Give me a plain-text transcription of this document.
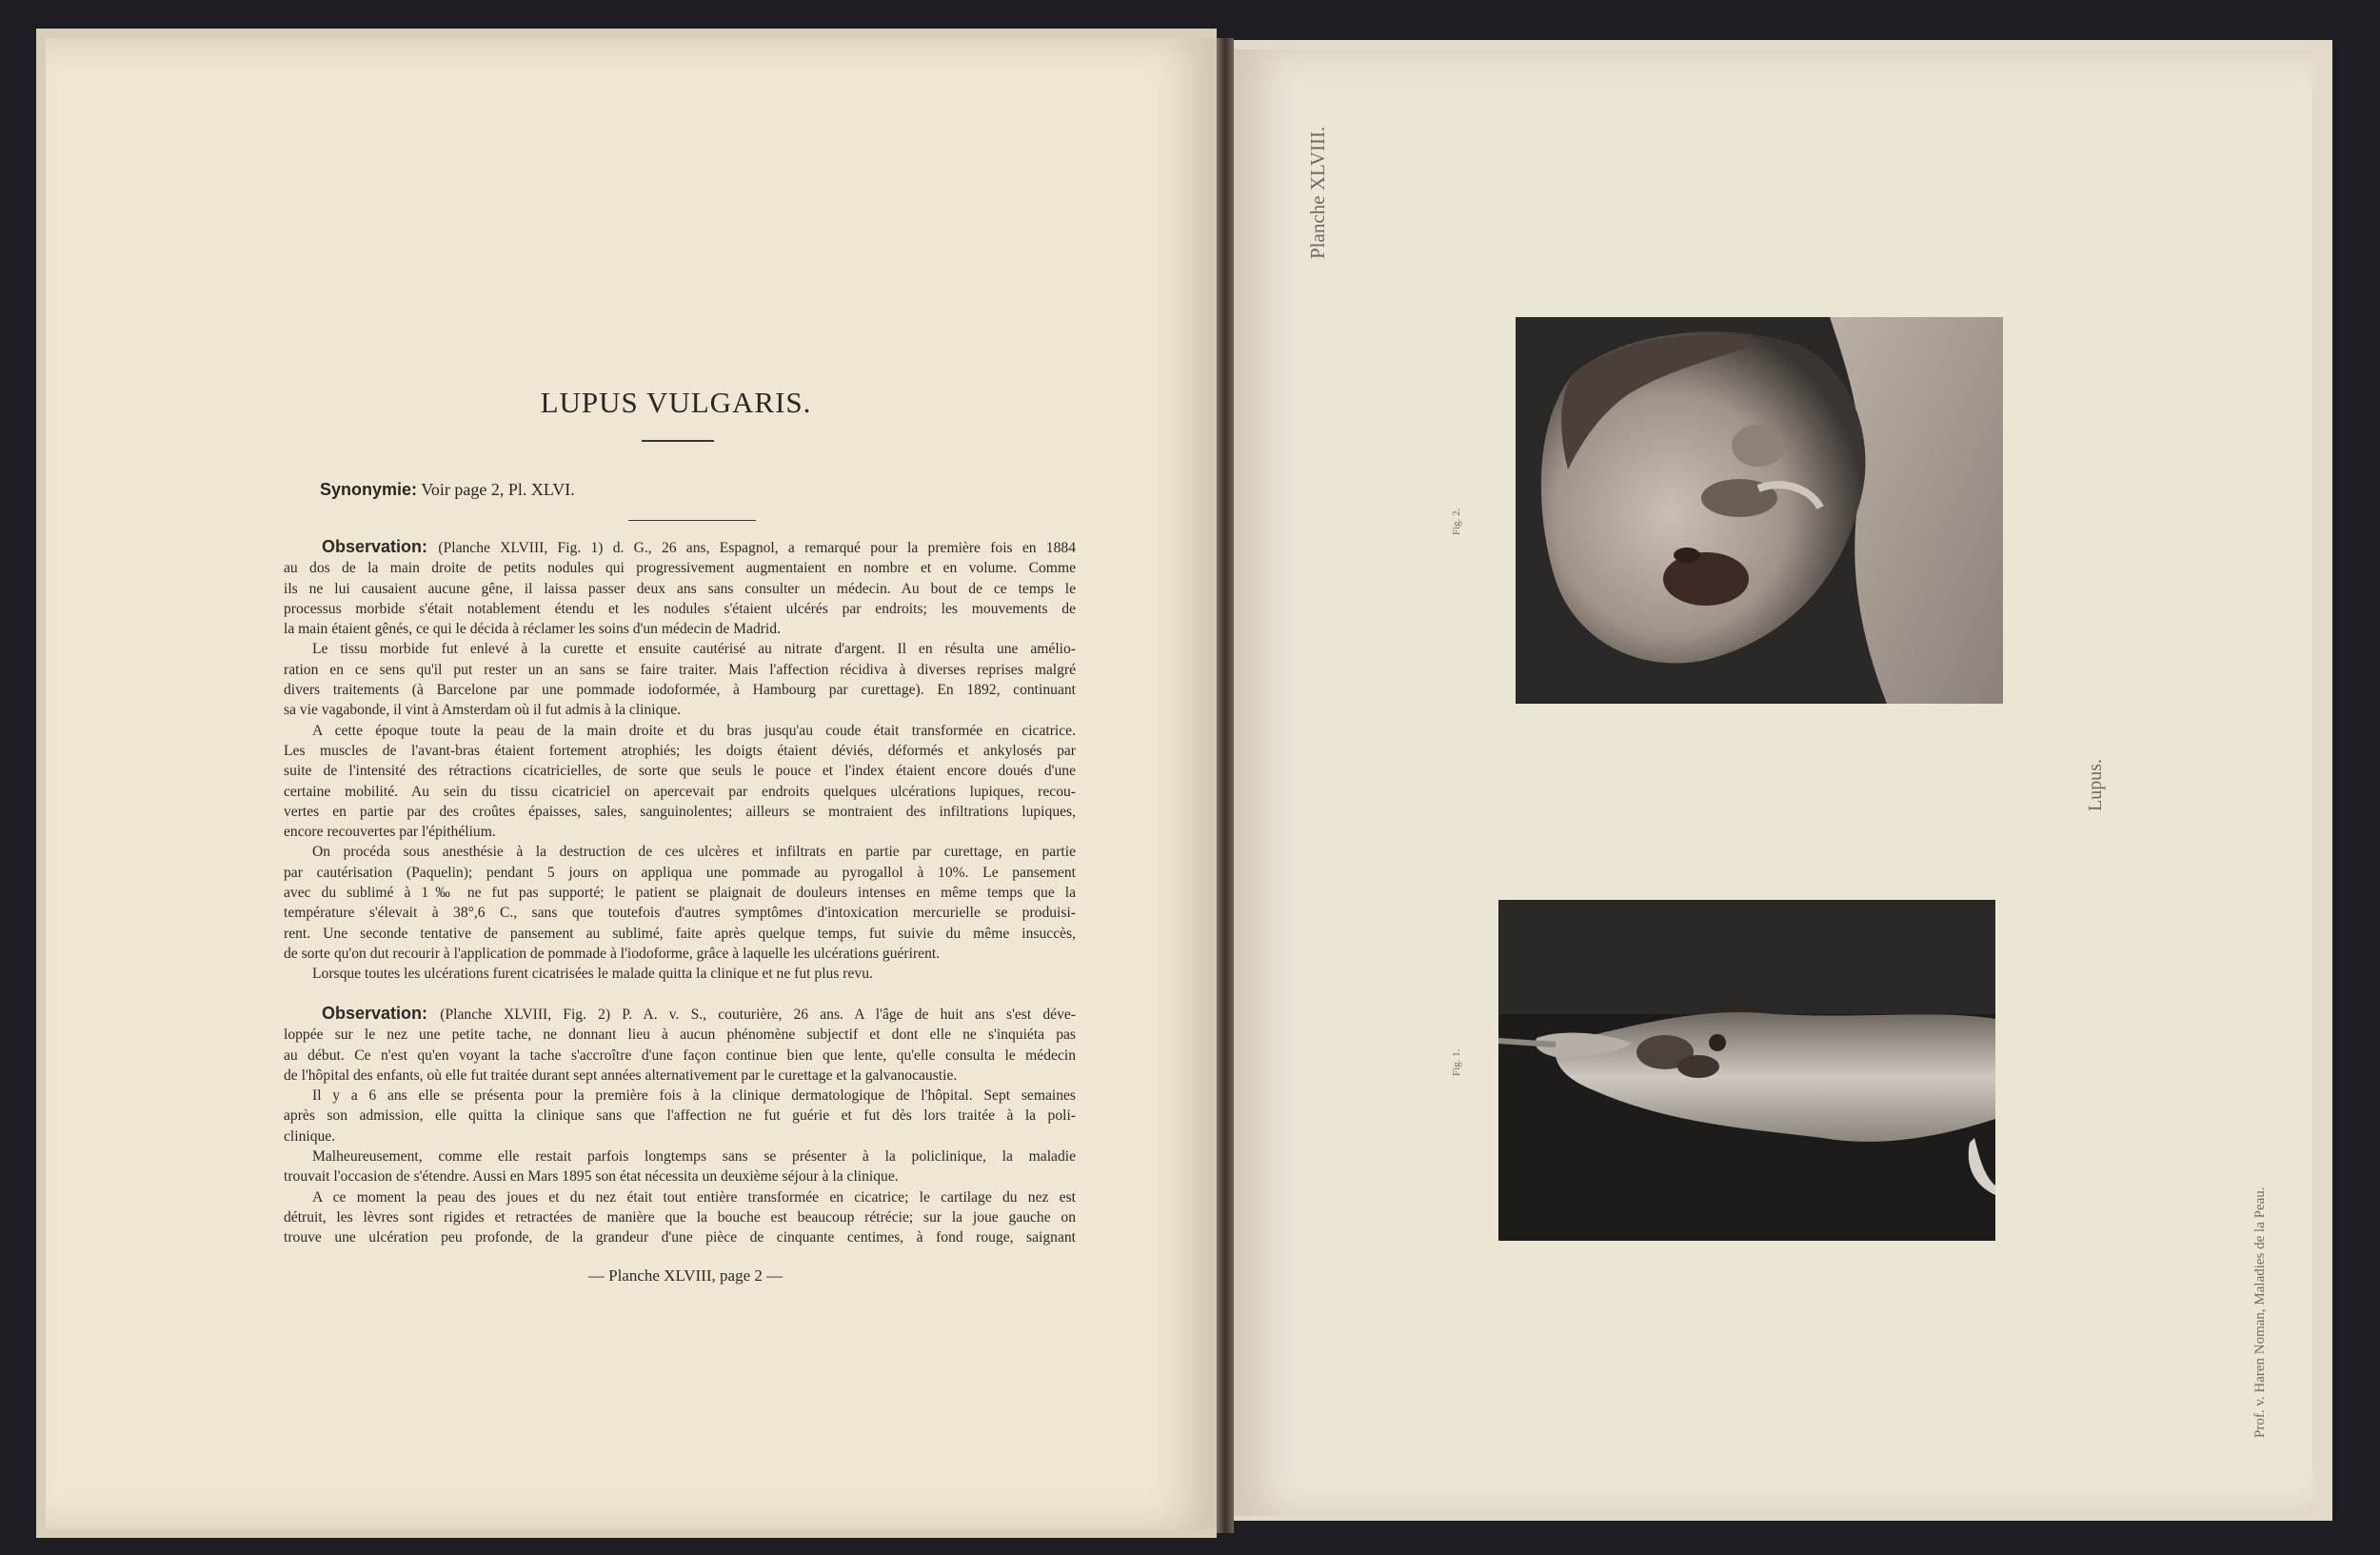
LUPUS VULGARIS.
Synonymie: Voir page 2, Pl. XLVI.
Observation: (Planche XLVIII, Fig. 1) d. G., 26 ans, Espagnol, a remarqué pour la première fois en 1884
au dos de la main droite de petits nodules qui progressivement augmentaient en nombre et en volume. Comme
ils ne lui causaient aucune gêne, il laissa passer deux ans sans consulter un médecin. Au bout de ce temps le
processus morbide s'était notablement étendu et les nodules s'étaient ulcérés par endroits; les mouvements de
la main étaient gênés, ce qui le décida à réclamer les soins d'un médecin de Madrid.
Le tissu morbide fut enlevé à la curette et ensuite cautérisé au nitrate d'argent. Il en résulta une amélio-
ration en ce sens qu'il put rester un an sans se faire traiter. Mais l'affection récidiva à diverses reprises malgré
divers traitements (à Barcelone par une pommade iodoformée, à Hambourg par curettage). En 1892, continuant
sa vie vagabonde, il vint à Amsterdam où il fut admis à la clinique.
A cette époque toute la peau de la main droite et du bras jusqu'au coude était transformée en cicatrice.
Les muscles de l'avant-bras étaient fortement atrophiés; les doigts étaient déviés, déformés et ankylosés par
suite de l'intensité des rétractions cicatricielles, de sorte que seuls le pouce et l'index étaient encore doués d'une
certaine mobilité. Au sein du tissu cicatriciel on apercevait par endroits quelques ulcérations lupiques, recou-
vertes en partie par des croûtes épaisses, sales, sanguinolentes; ailleurs se montraient des infiltrations lupiques,
encore recouvertes par l'épithélium.
On procéda sous anesthésie à la destruction de ces ulcères et infiltrats en partie par curettage, en partie
par cautérisation (Paquelin); pendant 5 jours on appliqua une pommade au pyrogallol à 10%. Le pansement
avec du sublimé à 1‰ ne fut pas supporté; le patient se plaignait de douleurs intenses en même temps que la
température s'élevait à 38°,6 C., sans que toutefois d'autres symptômes d'intoxication mercurielle se produisi-
rent. Une seconde tentative de pansement au sublimé, faite après quelque temps, fut suivie du même insuccès,
de sorte qu'on dut recourir à l'application de pommade à l'iodoforme, grâce à laquelle les ulcérations guérirent.
Lorsque toutes les ulcérations furent cicatrisées le malade quitta la clinique et ne fut plus revu.
Observation: (Planche XLVIII, Fig. 2) P. A. v. S., couturière, 26 ans. A l'âge de huit ans s'est déve-
loppée sur le nez une petite tache, ne donnant lieu à aucun phénomène subjectif et dont elle ne s'inquiéta pas
au début. Ce n'est qu'en voyant la tache s'accroître d'une façon continue bien que lente, qu'elle consulta le médecin
de l'hôpital des enfants, où elle fut traitée durant sept années alternativement par le curettage et la galvanocaustie.
Il y a 6 ans elle se présenta pour la première fois à la clinique dermatologique de l'hôpital. Sept semaines
après son admission, elle quitta la clinique sans que l'affection ne fut guérie et fut dès lors traitée à la poli-
clinique.
Malheureusement, comme elle restait parfois longtemps sans se présenter à la policlinique, la maladie
trouvait l'occasion de s'étendre. Aussi en Mars 1895 son état nécessita un deuxième séjour à la clinique.
A ce moment la peau des joues et du nez était tout entière transformée en cicatrice; le cartilage du nez est
détruit, les lèvres sont rigides et retractées de manière que la bouche est beaucoup rétrécie; sur la joue gauche on
trouve une ulcération peu profonde, de la grandeur d'une pièce de cinquante centimes, à fond rouge, saignant
— Planche XLVIII, page 2 —
Planche XLVIII.
Fig. 2.
Fig. 1.
Lupus.
Prof. v. Haren Noman, Maladies de la Peau.
